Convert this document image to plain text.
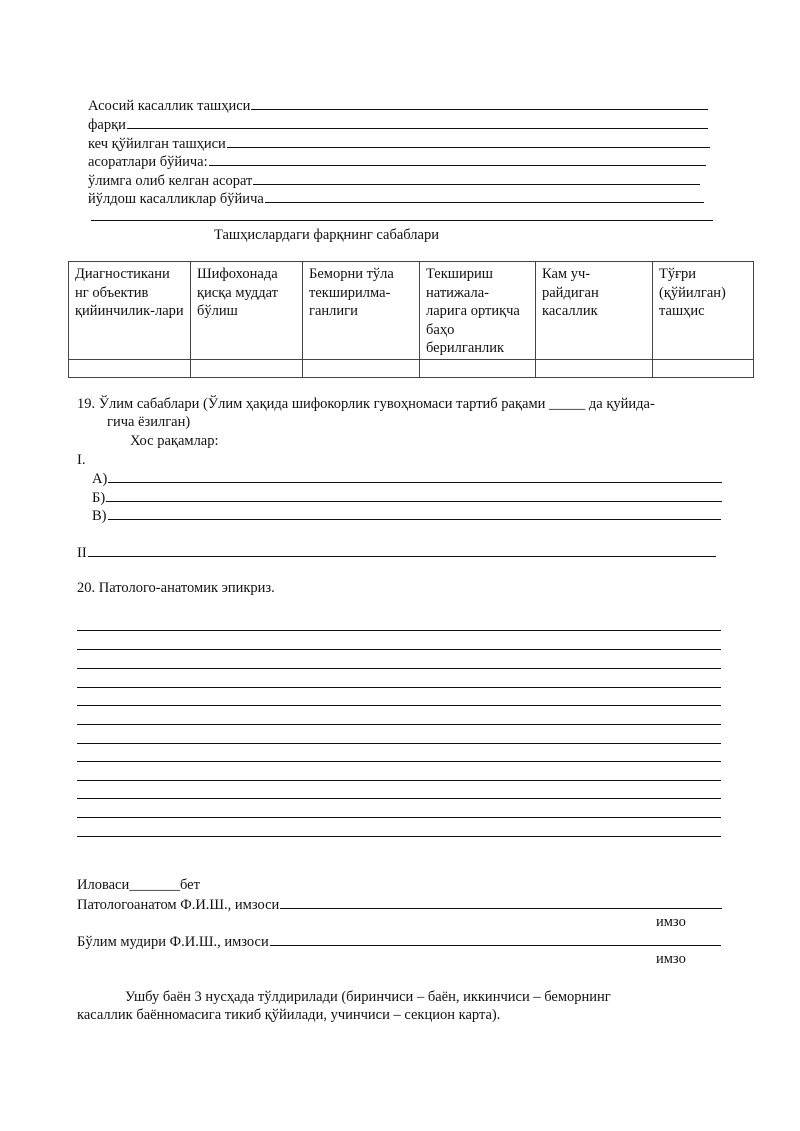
Асосий касаллик ташҳиси
фарқи
кеч қўйилган ташҳиси
асоратлари бўйича:
ўлимга олиб келган асорат
йўлдош касалликлар бўйича
Ташҳислардаги фарқнинг сабаблари
Диагностикани нг объектив қийинчилик-лари	Шифохонада қисқа муддат бўлиш	Беморни тўла текширилма-ганлиги	Текшириш натижала-ларига ортиқча баҳо берилганлик	Кам уч-райдиган касаллик	Тўғри (қўйилган) ташҳис

19. Ўлим сабаблари (Ўлим ҳақида шифокорлик гувоҳномаси тартиб рақами _____ да қуйида-
гича ёзилган)
Хос рақамлар:
I.
А)
Б)
В)
II
20. Патолого-анатомик эпикриз.
Иловаси_______бет
Патологоанатом Ф.И.Ш., имзоси
имзо
Бўлим мудири Ф.И.Ш., имзоси
имзо
Ушбу баён 3 нусҳада тўлдирилади (биринчиси – баён, иккинчиси – беморнинг
касаллик баённомасига тикиб қўйилади, учинчиси – секцион карта).
